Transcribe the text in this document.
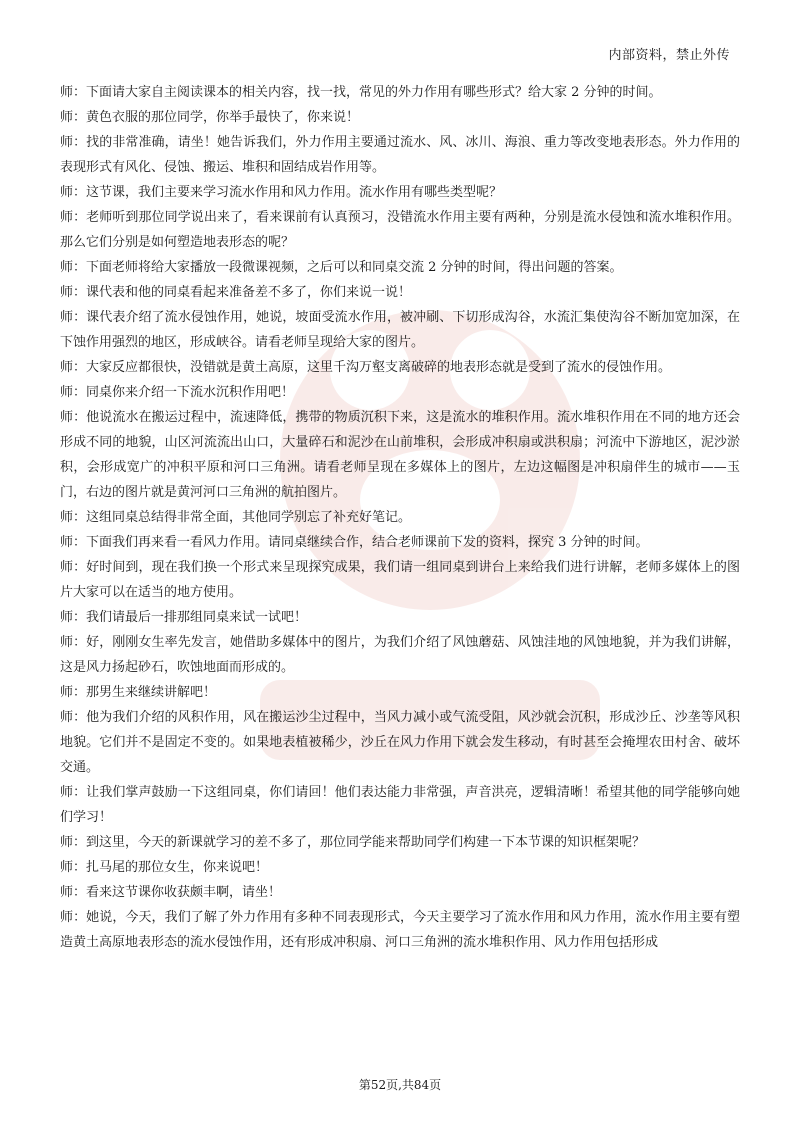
内部资料，禁止外传

师：下面请大家自主阅读课本的相关内容，找一找，常见的外力作用有哪些形式？给大家 2 分钟的时间。

师：黄色衣服的那位同学，你举手最快了，你来说！

师：找的非常准确，请坐！她告诉我们，外力作用主要通过流水、风、冰川、海浪、重力等改变地表形态。外力作用的表现形式有风化、侵蚀、搬运、堆积和固结成岩作用等。

师：这节课，我们主要来学习流水作用和风力作用。流水作用有哪些类型呢？

师：老师听到那位同学说出来了，看来课前有认真预习，没错流水作用主要有两种，分别是流水侵蚀和流水堆积作用。那么它们分别是如何塑造地表形态的呢？

师：下面老师将给大家播放一段微课视频，之后可以和同桌交流 2 分钟的时间，得出问题的答案。

师：课代表和他的同桌看起来准备差不多了，你们来说一说！

师：课代表介绍了流水侵蚀作用，她说，坡面受流水作用，被冲刷、下切形成沟谷，水流汇集使沟谷不断加宽加深，在下蚀作用强烈的地区，形成峡谷。请看老师呈现给大家的图片。

师：大家反应都很快，没错就是黄土高原，这里千沟万壑支离破碎的地表形态就是受到了流水的侵蚀作用。

师：同桌你来介绍一下流水沉积作用吧！

师：他说流水在搬运过程中，流速降低，携带的物质沉积下来，这是流水的堆积作用。流水堆积作用在不同的地方还会形成不同的地貌，山区河流流出山口，大量碎石和泥沙在山前堆积，会形成冲积扇或洪积扇；河流中下游地区，泥沙淤积，会形成宽广的冲积平原和河口三角洲。请看老师呈现在多媒体上的图片，左边这幅图是冲积扇伴生的城市——玉门，右边的图片就是黄河河口三角洲的航拍图片。

师：这组同桌总结得非常全面，其他同学别忘了补充好笔记。

师：下面我们再来看一看风力作用。请同桌继续合作，结合老师课前下发的资料，探究 3 分钟的时间。

师：好时间到，现在我们换一个形式来呈现探究成果，我们请一组同桌到讲台上来给我们进行讲解，老师多媒体上的图片大家可以在适当的地方使用。

师：我们请最后一排那组同桌来试一试吧！

师：好，刚刚女生率先发言，她借助多媒体中的图片，为我们介绍了风蚀蘑菇、风蚀洼地的风蚀地貌，并为我们讲解，这是风力扬起砂石，吹蚀地面而形成的。

师：那男生来继续讲解吧！

师：他为我们介绍的风积作用，风在搬运沙尘过程中，当风力减小或气流受阻，风沙就会沉积，形成沙丘、沙垄等风积地貌。它们并不是固定不变的。如果地表植被稀少，沙丘在风力作用下就会发生移动，有时甚至会掩埋农田村舍、破坏交通。

师：让我们掌声鼓励一下这组同桌，你们请回！他们表达能力非常强，声音洪亮，逻辑清晰！希望其他的同学能够向她们学习！

师：到这里，今天的新课就学习的差不多了，那位同学能来帮助同学们构建一下本节课的知识框架呢？

师：扎马尾的那位女生，你来说吧！

师：看来这节课你收获颇丰啊，请坐！

师：她说，今天，我们了解了外力作用有多种不同表现形式，今天主要学习了流水作用和风力作用，流水作用主要有塑造黄土高原地表形态的流水侵蚀作用，还有形成冲积扇、河口三角洲的流水堆积作用、风力作用包括形成

第52页,共84页
